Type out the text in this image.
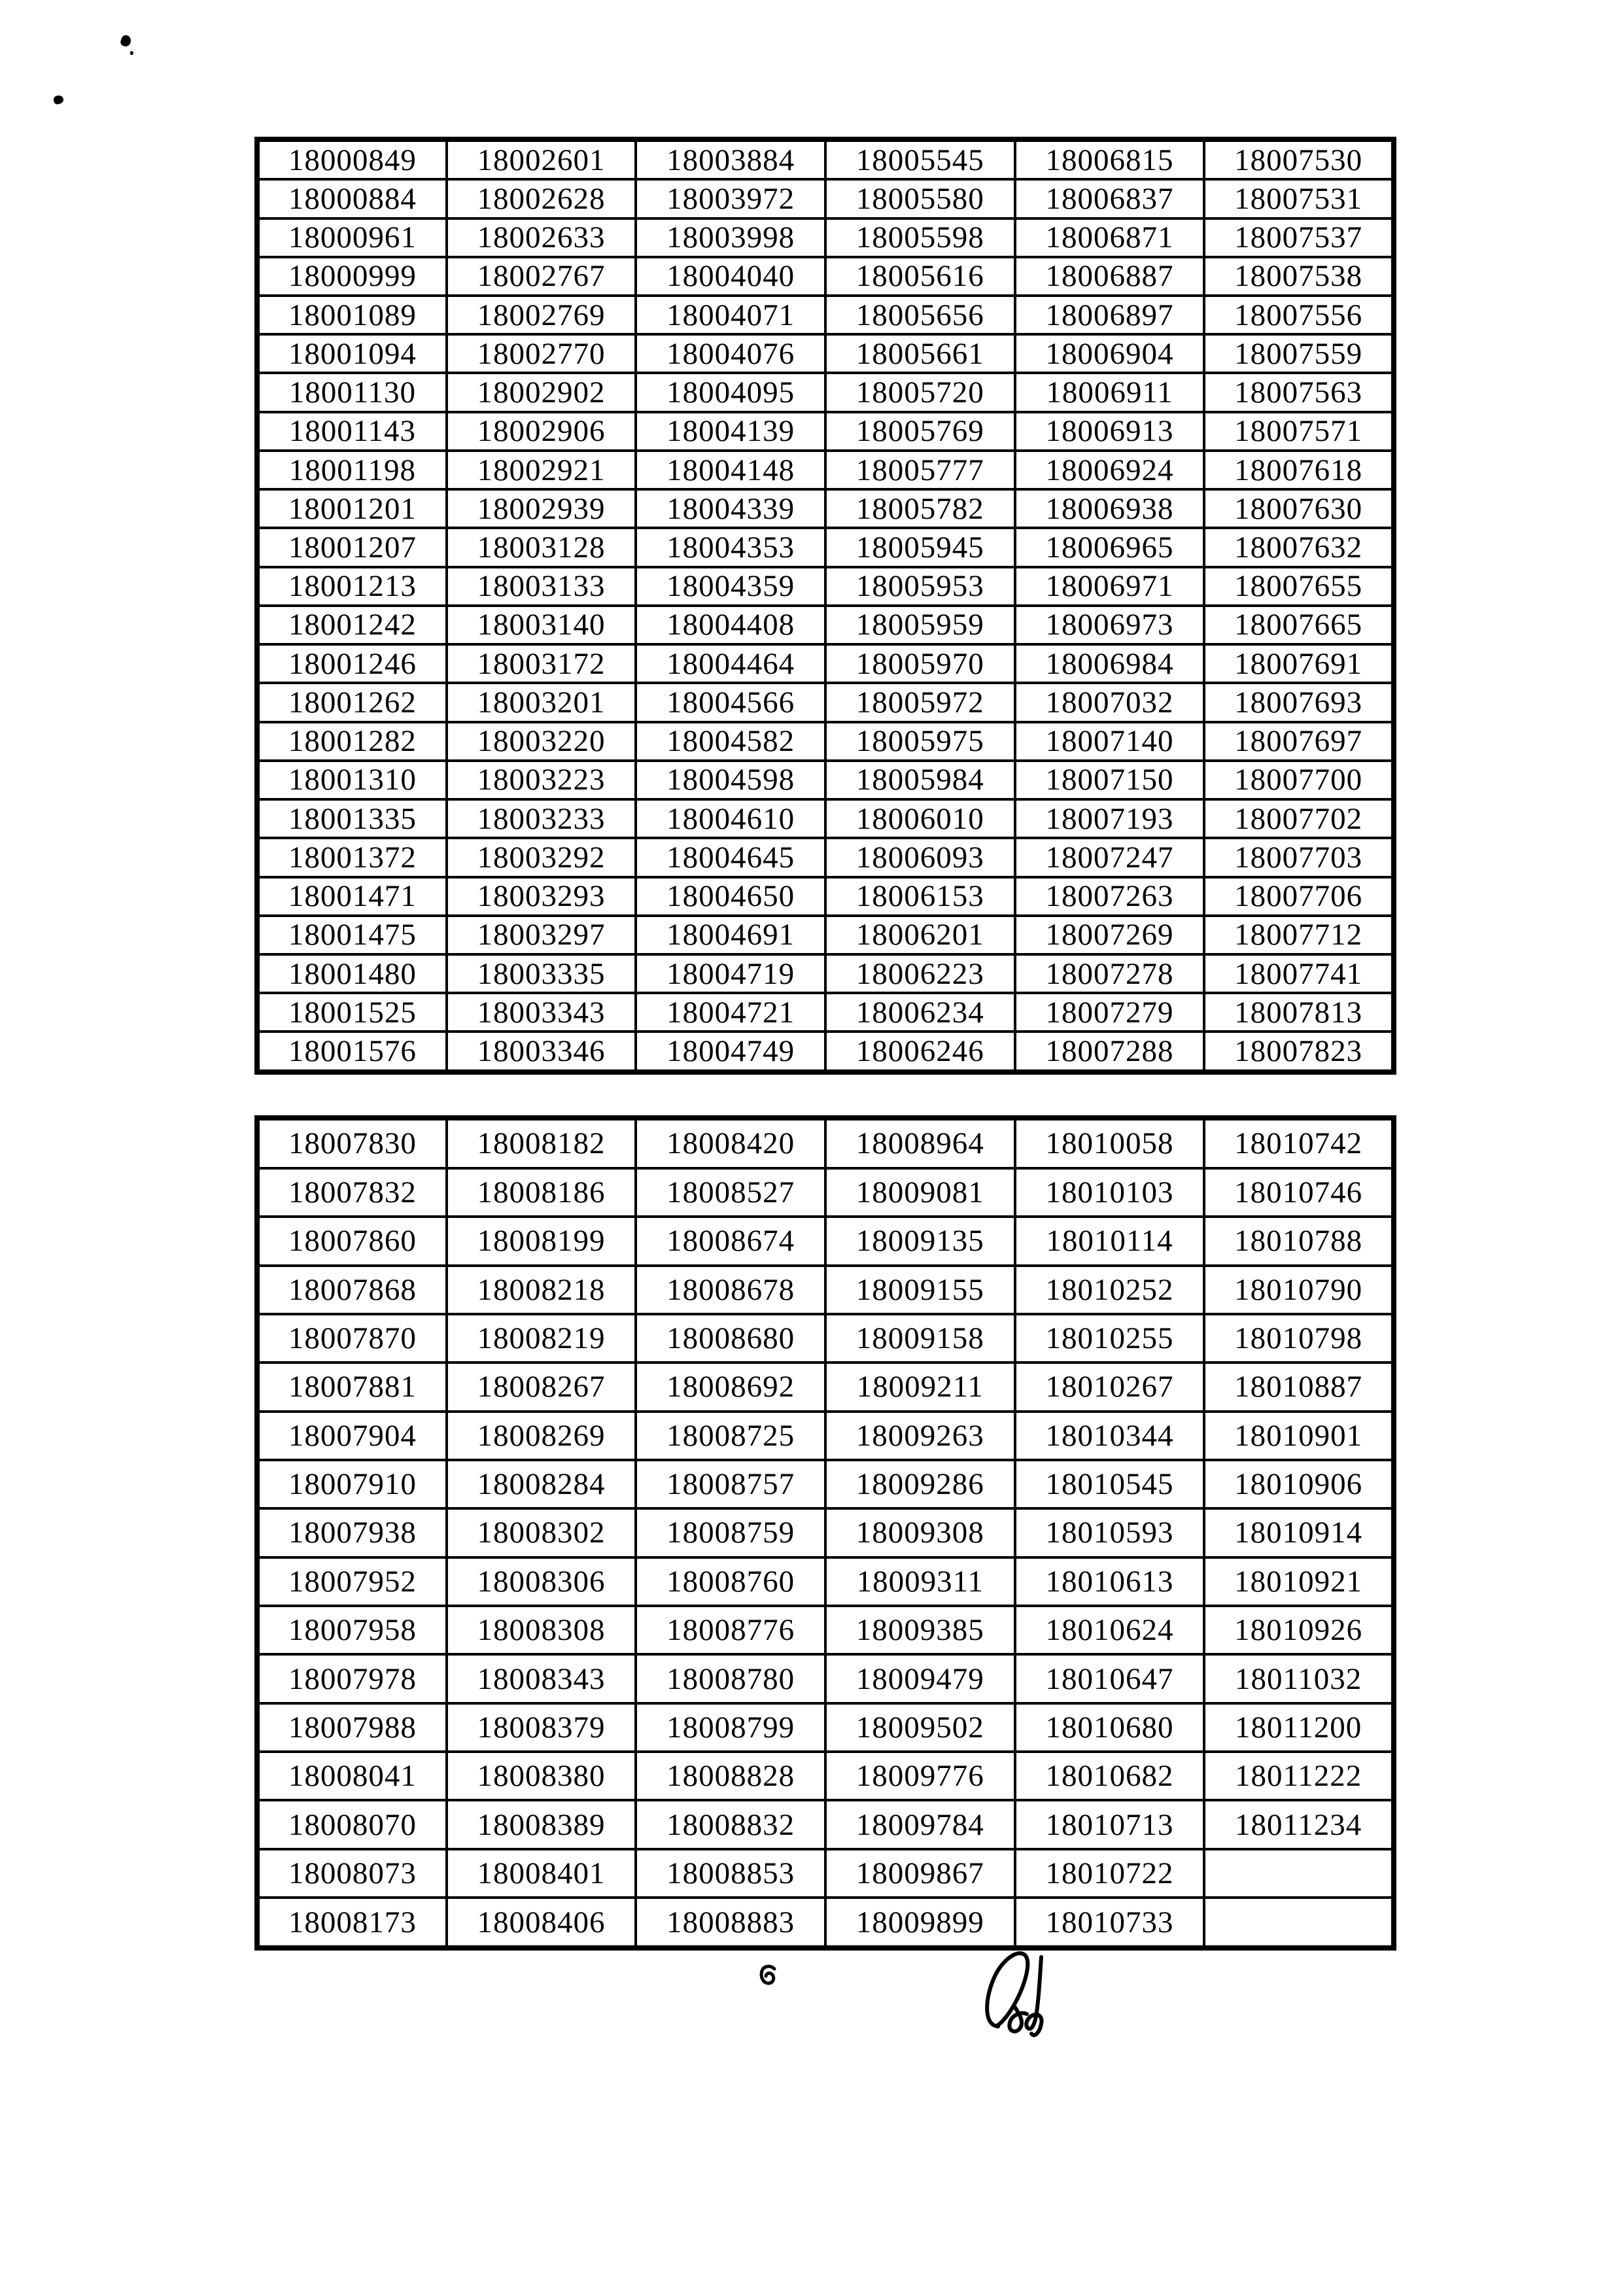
18000849	18002601	18003884	18005545	18006815	18007530
18000884	18002628	18003972	18005580	18006837	18007531
18000961	18002633	18003998	18005598	18006871	18007537
18000999	18002767	18004040	18005616	18006887	18007538
18001089	18002769	18004071	18005656	18006897	18007556
18001094	18002770	18004076	18005661	18006904	18007559
18001130	18002902	18004095	18005720	18006911	18007563
18001143	18002906	18004139	18005769	18006913	18007571
18001198	18002921	18004148	18005777	18006924	18007618
18001201	18002939	18004339	18005782	18006938	18007630
18001207	18003128	18004353	18005945	18006965	18007632
18001213	18003133	18004359	18005953	18006971	18007655
18001242	18003140	18004408	18005959	18006973	18007665
18001246	18003172	18004464	18005970	18006984	18007691
18001262	18003201	18004566	18005972	18007032	18007693
18001282	18003220	18004582	18005975	18007140	18007697
18001310	18003223	18004598	18005984	18007150	18007700
18001335	18003233	18004610	18006010	18007193	18007702
18001372	18003292	18004645	18006093	18007247	18007703
18001471	18003293	18004650	18006153	18007263	18007706
18001475	18003297	18004691	18006201	18007269	18007712
18001480	18003335	18004719	18006223	18007278	18007741
18001525	18003343	18004721	18006234	18007279	18007813
18001576	18003346	18004749	18006246	18007288	18007823
18007830	18008182	18008420	18008964	18010058	18010742
18007832	18008186	18008527	18009081	18010103	18010746
18007860	18008199	18008674	18009135	18010114	18010788
18007868	18008218	18008678	18009155	18010252	18010790
18007870	18008219	18008680	18009158	18010255	18010798
18007881	18008267	18008692	18009211	18010267	18010887
18007904	18008269	18008725	18009263	18010344	18010901
18007910	18008284	18008757	18009286	18010545	18010906
18007938	18008302	18008759	18009308	18010593	18010914
18007952	18008306	18008760	18009311	18010613	18010921
18007958	18008308	18008776	18009385	18010624	18010926
18007978	18008343	18008780	18009479	18010647	18011032
18007988	18008379	18008799	18009502	18010680	18011200
18008041	18008380	18008828	18009776	18010682	18011222
18008070	18008389	18008832	18009784	18010713	18011234
18008073	18008401	18008853	18009867	18010722	
18008173	18008406	18008883	18009899	18010733	
